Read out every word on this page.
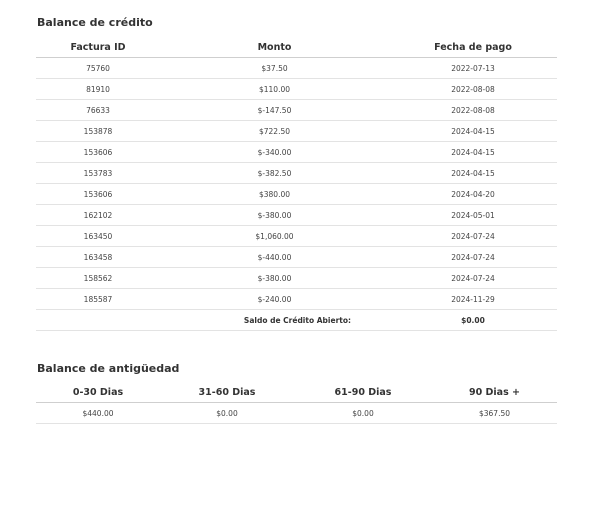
Balance de crédito
Factura ID	Monto	Fecha de pago
75760	$37.50	2022-07-13
81910	$110.00	2022-08-08
76633	$-147.50	2022-08-08
153878	$722.50	2024-04-15
153606	$-340.00	2024-04-15
153783	$-382.50	2024-04-15
153606	$380.00	2024-04-20
162102	$-380.00	2024-05-01
163450	$1,060.00	2024-07-24
163458	$-440.00	2024-07-24
158562	$-380.00	2024-07-24
185587	$-240.00	2024-11-29
Saldo de Crédito Abierto:		$0.00
Balance de antigüedad
0-30 Dias	31-60 Dias	61-90 Dias	90 Dias +
$440.00	$0.00	$0.00	$367.50
